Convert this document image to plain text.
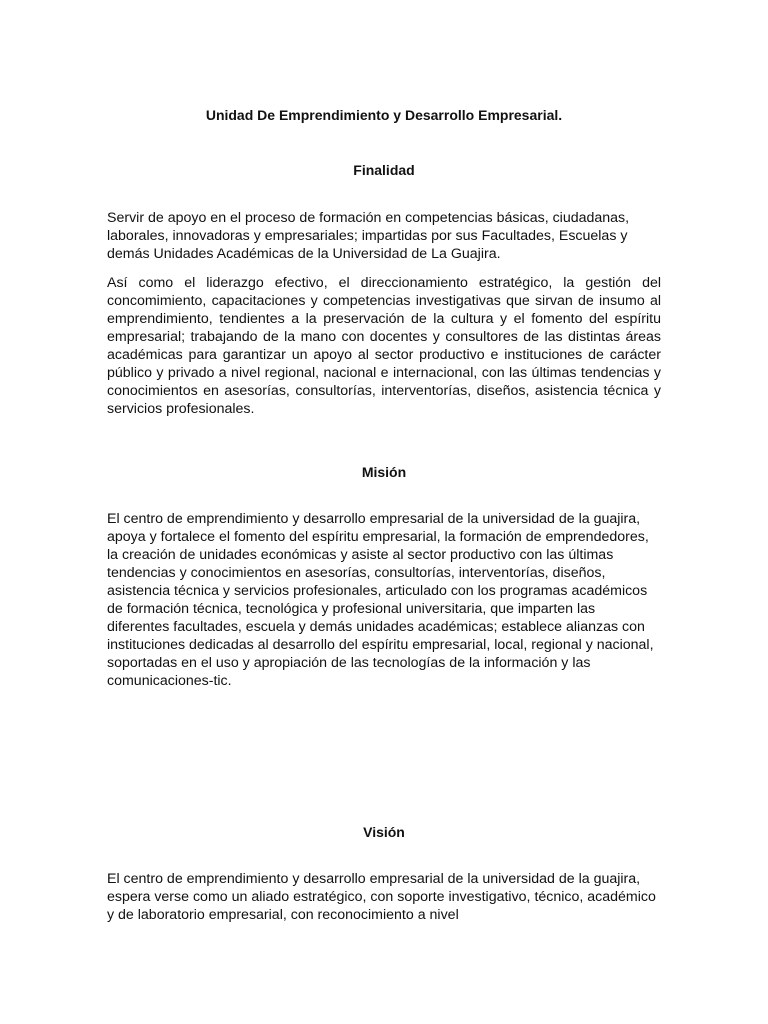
Unidad De Emprendimiento y Desarrollo Empresarial.
Finalidad

Servir de apoyo en el proceso de formación en competencias básicas, ciudadanas, laborales, innovadoras y empresariales; impartidas por sus Facultades, Escuelas y demás Unidades Académicas de la Universidad de La Guajira.

Así como el liderazgo efectivo, el direccionamiento estratégico, la gestión del concomimiento, capacitaciones y competencias investigativas que sirvan de insumo al emprendimiento, tendientes a la preservación de la cultura y el fomento del espíritu empresarial; trabajando de la mano con docentes y consultores de las distintas áreas académicas para garantizar un apoyo al sector productivo e instituciones de carácter público y privado a nivel regional, nacional e internacional, con las últimas tendencias y conocimientos en asesorías, consultorías, interventorías, diseños, asistencia técnica y servicios profesionales.

Misión

El centro de emprendimiento y desarrollo empresarial de la universidad de la guajira, apoya y fortalece el fomento del espíritu empresarial, la formación de emprendedores, la creación de unidades económicas y asiste al sector productivo con las últimas tendencias y conocimientos en asesorías, consultorías, interventorías, diseños, asistencia técnica y servicios profesionales, articulado con los programas académicos de formación técnica, tecnológica y profesional universitaria, que imparten las diferentes facultades, escuela y demás unidades académicas; establece alianzas con instituciones dedicadas al desarrollo del espíritu empresarial, local, regional y nacional, soportadas en el uso y apropiación de las tecnologías de la información y las comunicaciones-tic.

Visión

El centro de emprendimiento y desarrollo empresarial de la universidad de la guajira, espera verse como un aliado estratégico, con soporte investigativo, técnico, académico y de laboratorio empresarial, con reconocimiento a nivel
